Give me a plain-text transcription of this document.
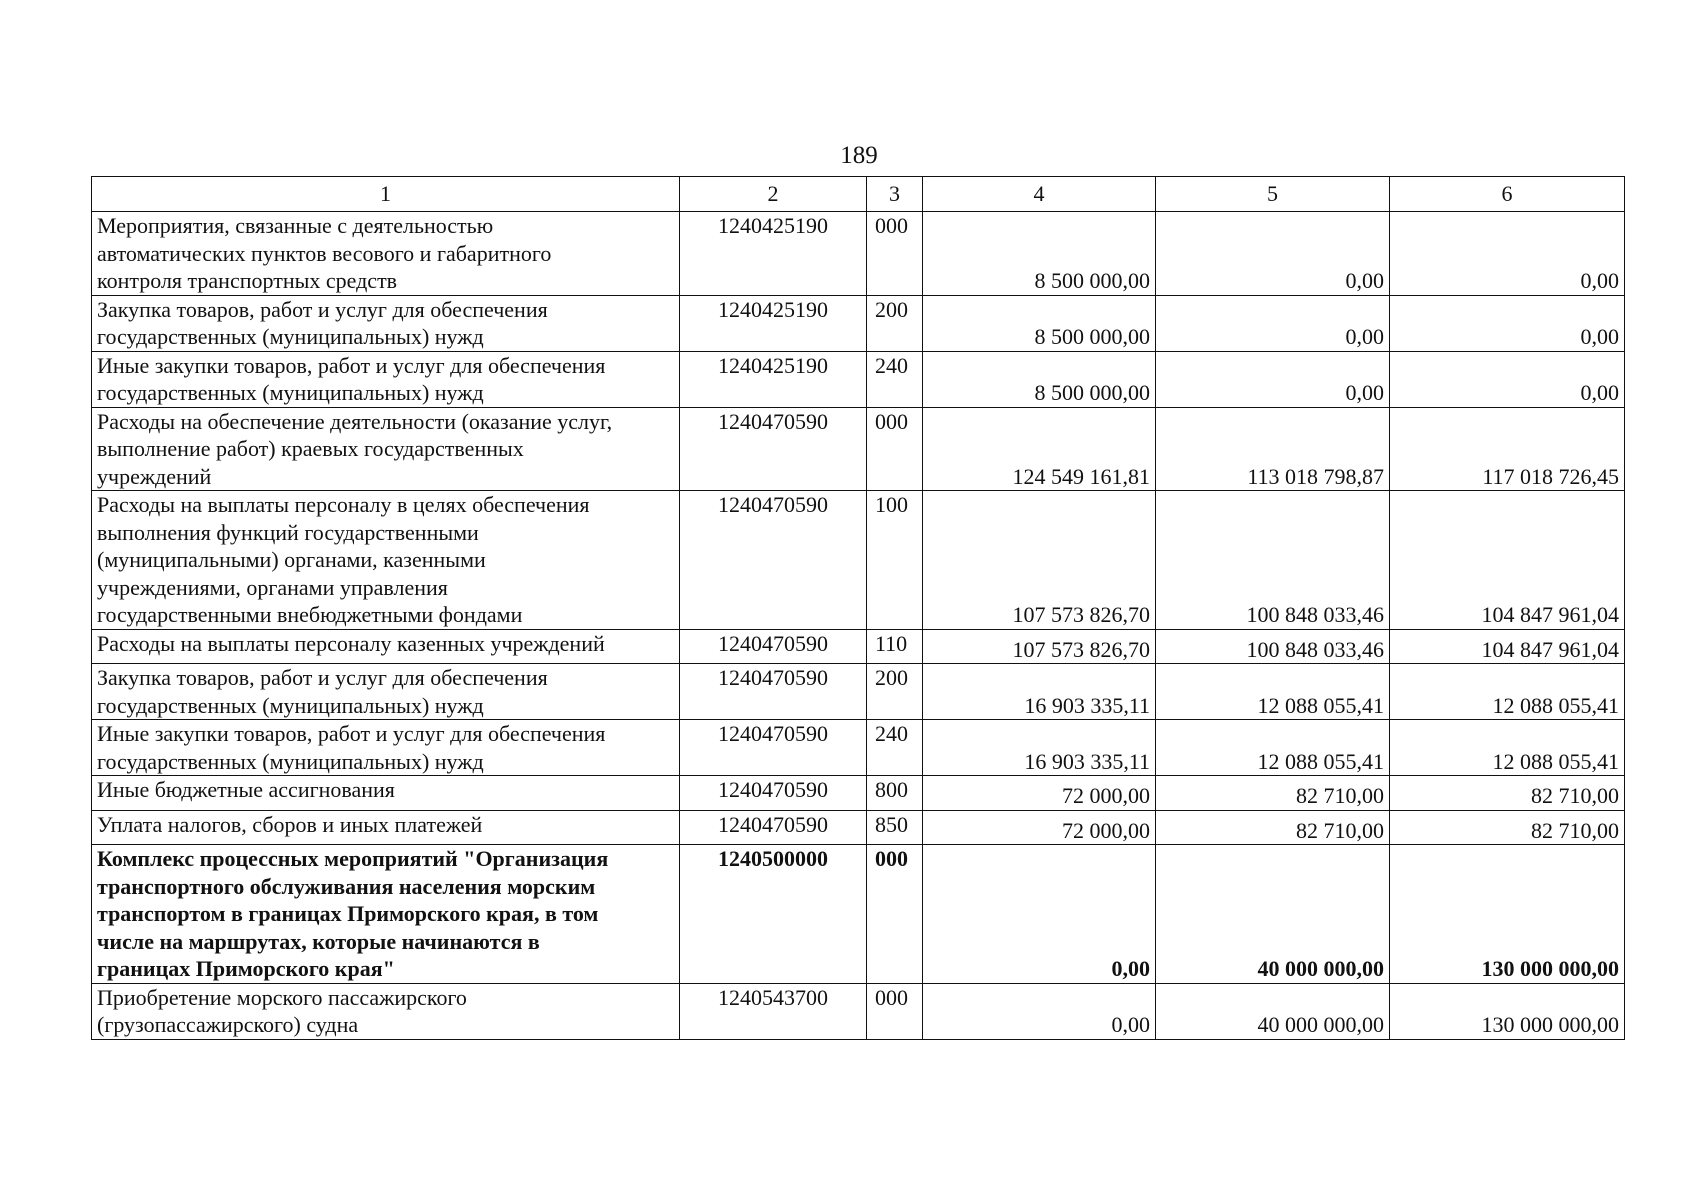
189
1	2	3	4	5	6

Мероприятия, связанные с деятельностью
автоматических пунктов весового и габаритного
контроля транспортных средств	1240425190	000	8 500 000,00	0,00	0,00

Закупка товаров, работ и услуг для обеспечения
государственных (муниципальных) нужд	1240425190	200	8 500 000,00	0,00	0,00

Иные закупки товаров, работ и услуг для обеспечения
государственных (муниципальных) нужд	1240425190	240	8 500 000,00	0,00	0,00

Расходы на обеспечение деятельности (оказание услуг,
выполнение работ) краевых государственных
учреждений	1240470590	000	124 549 161,81	113 018 798,87	117 018 726,45

Расходы на выплаты персоналу в целях обеспечения
выполнения функций государственными
(муниципальными) органами, казенными
учреждениями, органами управления
государственными внебюджетными фондами	1240470590	100	107 573 826,70	100 848 033,46	104 847 961,04

Расходы на выплаты персоналу казенных учреждений	1240470590	110	107 573 826,70	100 848 033,46	104 847 961,04

Закупка товаров, работ и услуг для обеспечения
государственных (муниципальных) нужд	1240470590	200	16 903 335,11	12 088 055,41	12 088 055,41

Иные закупки товаров, работ и услуг для обеспечения
государственных (муниципальных) нужд	1240470590	240	16 903 335,11	12 088 055,41	12 088 055,41

Иные бюджетные ассигнования	1240470590	800	72 000,00	82 710,00	82 710,00

Уплата налогов, сборов и иных платежей	1240470590	850	72 000,00	82 710,00	82 710,00

Комплекс процессных мероприятий "Организация
транспортного обслуживания населения морским
транспортом в границах Приморского края, в том
числе на маршрутах, которые начинаются в
границах Приморского края"	1240500000	000	0,00	40 000 000,00	130 000 000,00

Приобретение морского пассажирского
(грузопассажирского) судна	1240543700	000	0,00	40 000 000,00	130 000 000,00
